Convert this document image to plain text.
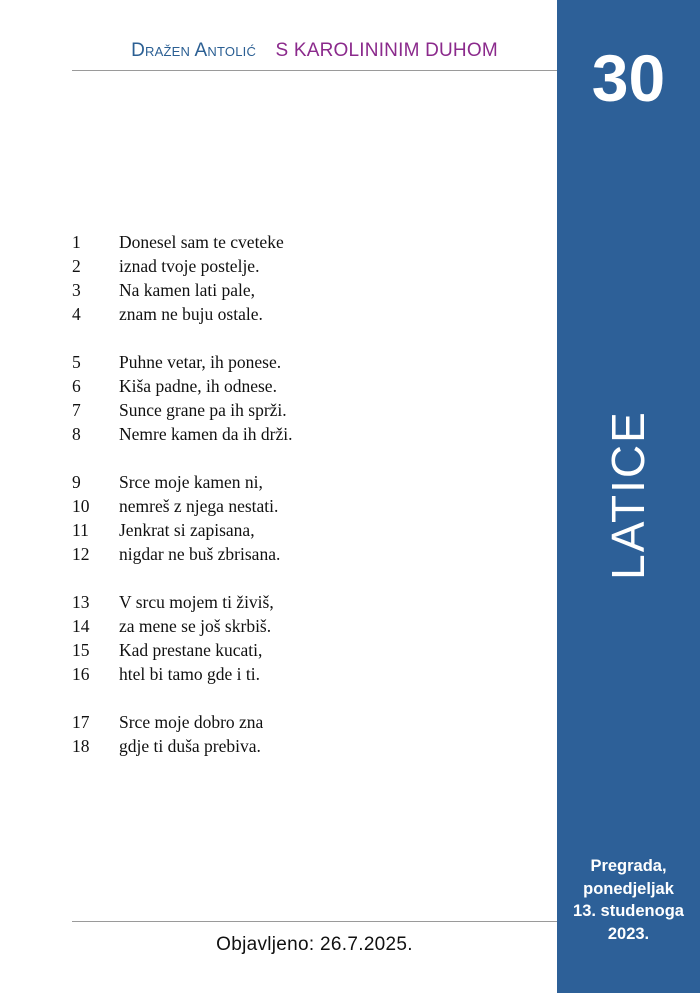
Dražen Antolić S KAROLININIM DUHOM
1	Donesel sam te cveteke
2	iznad tvoje postelje.
3	Na kamen lati pale,
4	znam ne buju ostale.
5	Puhne vetar, ih ponese.
6	Kiša padne, ih odnese.
7	Sunce grane pa ih sprži.
8	Nemre kamen da ih drži.
9	Srce moje kamen ni,
10	nemreš z njega nestati.
11	Jenkrat si zapisana,
12	nigdar ne buš zbrisana.
13	V srcu mojem ti živiš,
14	za mene se još skrbiš.
15	Kad prestane kucati,
16	htel bi tamo gde i ti.
17	Srce moje dobro zna
18	gdje ti duša prebiva.
Objavljeno: 26.7.2025.
30
LATICE
Pregrada,
ponedjeljak
13. studenoga
2023.
